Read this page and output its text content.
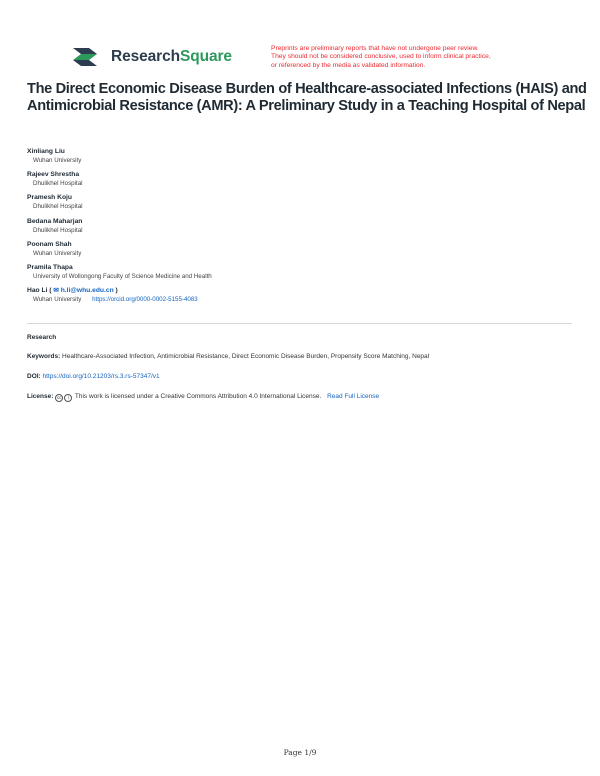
ResearchSquare	Preprints are preliminary reports that have not undergone peer review.
They should not be considered conclusive, used to inform clinical practice,
or referenced by the media as validated information.
The Direct Economic Disease Burden of Healthcare-associated Infections (HAIS) and Antimicrobial Resistance (AMR): A Preliminary Study in a Teaching Hospital of Nepal
Xinliang Liu
Wuhan University
Rajeev Shrestha
Dhulikhel Hospital
Pramesh Koju
Dhulikhel Hospital
Bedana Maharjan
Dhulikhel Hospital
Poonam Shah
Wuhan University
Pramila Thapa
University of Wollongong Faculty of Science Medicine and Health
Hao Li ( ✉ h.li@whu.edu.cn )
Wuhan University https://orcid.org/0000-0002-5155-4083
Research
Keywords: Healthcare-Associated Infection, Antimicrobial Resistance, Direct Economic Disease Burden, Propensity Score Matching, Nepal
DOI: https://doi.org/10.21203/rs.3.rs-57347/v1
License: cc i This work is licensed under a Creative Commons Attribution 4.0 International License. Read Full License
Page 1/9
